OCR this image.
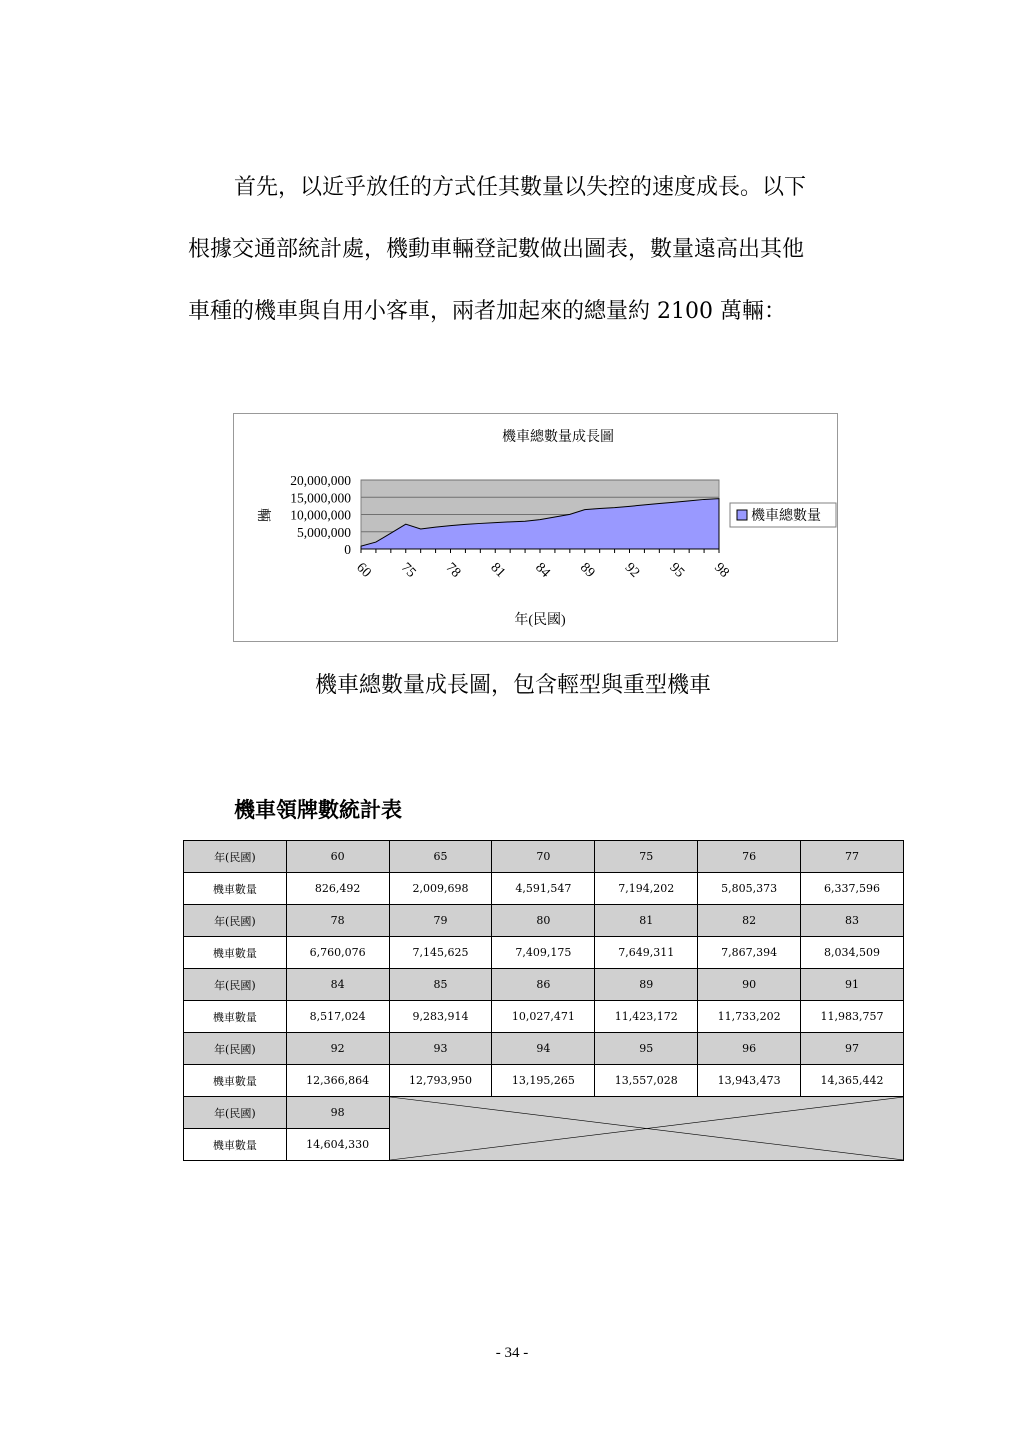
首先，以近乎放任的方式任其數量以失控的速度成長。以下

根據交通部統計處，機動車輛登記數做出圖表，數量遠高出其他

車種的機車與自用小客車，兩者加起來的總量約 2100 萬輛：

機車總數量成長圖
20,000,000
15,000,000
10,000,000
5,000,000
0
60 75 78 81 84 89 92 95 98
年(民國)
輛	機車總數量
機車總數量成長圖，包含輕型與重型機車
機車領牌數統計表
年(民國)	60	65	70	75	76	77
機車數量	826,492	2,009,698	4,591,547	7,194,202	5,805,373	6,337,596
年(民國)	78	79	80	81	82	83
機車數量	6,760,076	7,145,625	7,409,175	7,649,311	7,867,394	8,034,509
年(民國)	84	85	86	89	90	91
機車數量	8,517,024	9,283,914	10,027,471	11,423,172	11,733,202	11,983,757
年(民國)	92	93	94	95	96	97
機車數量	12,366,864	12,793,950	13,195,265	13,557,028	13,943,473	14,365,442
年(民國)	98	

機車數量	14,604,330					
- 34 -
